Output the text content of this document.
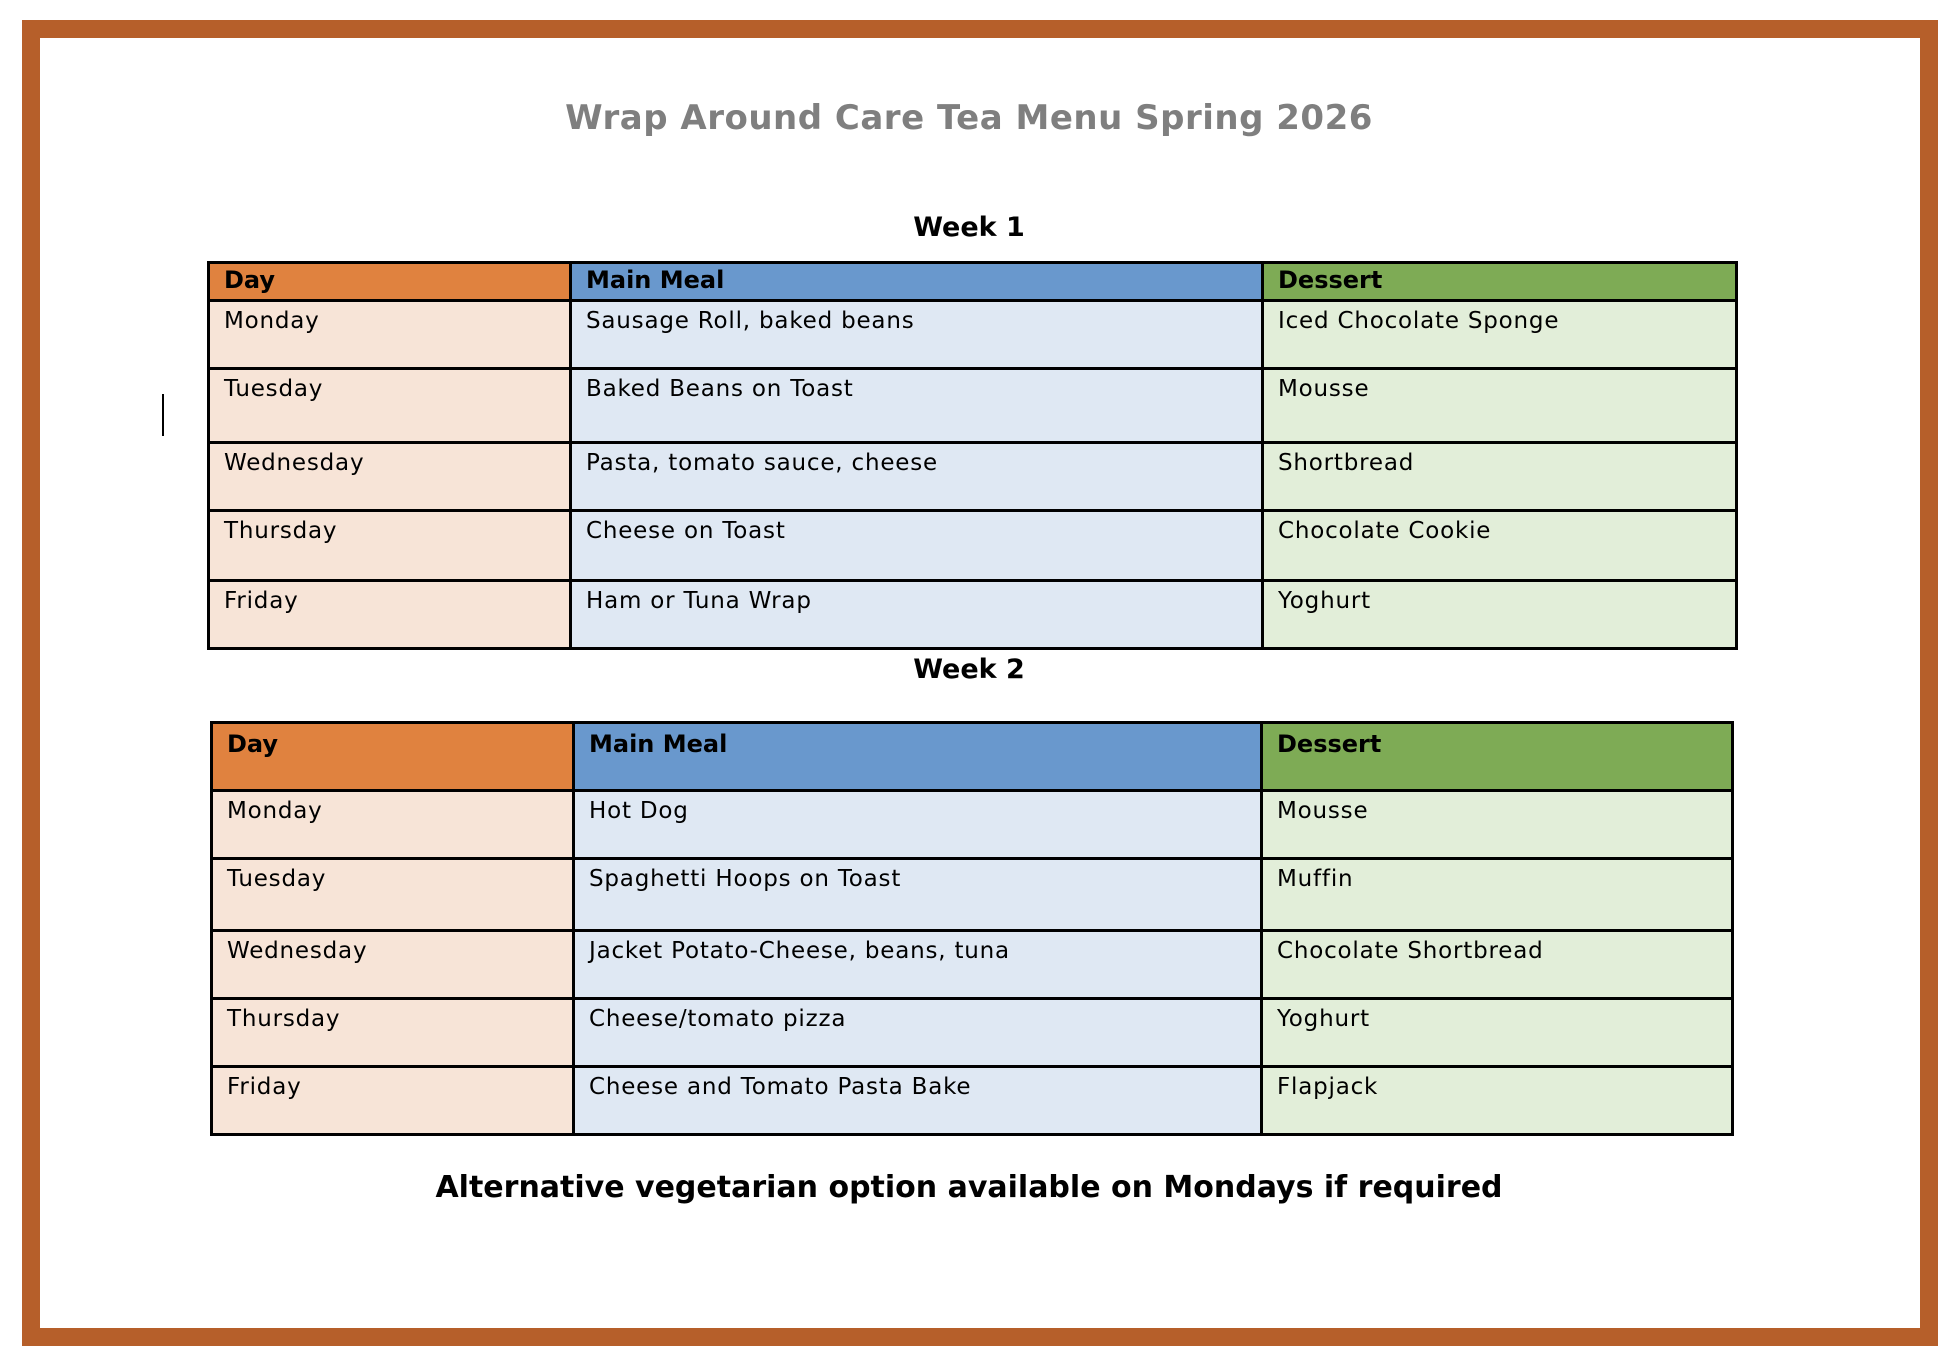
Wrap Around Care Tea Menu Spring 2026
Week 1
Day	Main Meal	Dessert
Monday	Sausage Roll, baked beans	Iced Chocolate Sponge
Tuesday	Baked Beans on Toast	Mousse
Wednesday	Pasta, tomato sauce, cheese	Shortbread
Thursday	Cheese on Toast	Chocolate Cookie
Friday	Ham or Tuna Wrap	Yoghurt
Week 2
Day	Main Meal	Dessert
Monday	Hot Dog	Mousse
Tuesday	Spaghetti Hoops on Toast	Muffin
Wednesday	Jacket Potato-Cheese, beans, tuna	Chocolate Shortbread
Thursday	Cheese/tomato pizza	Yoghurt
Friday	Cheese and Tomato Pasta Bake	Flapjack
Alternative vegetarian option available on Mondays if required
